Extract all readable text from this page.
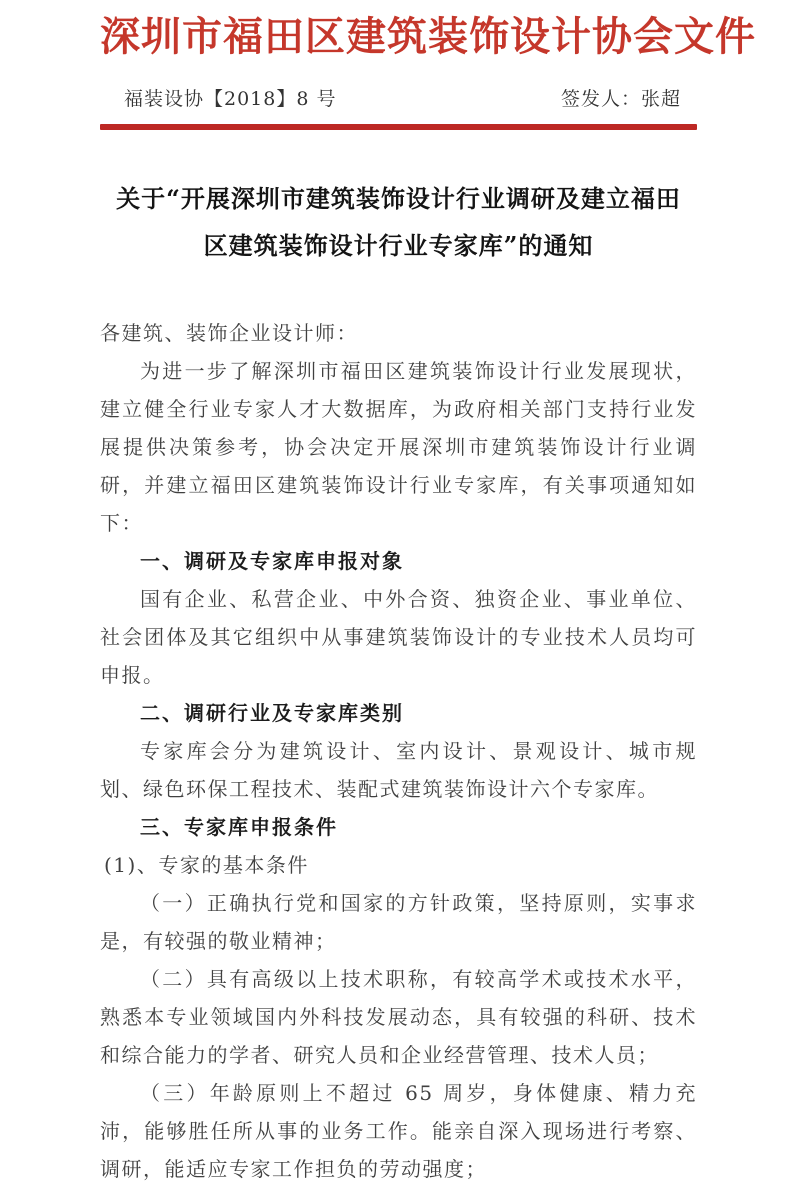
深圳市福田区建筑装饰设计协会文件
福装设协【2018】8 号	签发人：张超
关于“开展深圳市建筑装饰设计行业调研及建立福田
区建筑装饰设计行业专家库”的通知

各建筑、装饰企业设计师：

为进一步了解深圳市福田区建筑装饰设计行业发展现状，建立健全行业专家人才大数据库，为政府相关部门支持行业发展提供决策参考，协会决定开展深圳市建筑装饰设计行业调研，并建立福田区建筑装饰设计行业专家库，有关事项通知如下：

一、调研及专家库申报对象

国有企业、私营企业、中外合资、独资企业、事业单位、社会团体及其它组织中从事建筑装饰设计的专业技术人员均可申报。

二、调研行业及专家库类别

专家库会分为建筑设计、室内设计、景观设计、城市规划、绿色环保工程技术、装配式建筑装饰设计六个专家库。

三、专家库申报条件

(1)、专家的基本条件

（一）正确执行党和国家的方针政策，坚持原则，实事求是，有较强的敬业精神；

（二）具有高级以上技术职称，有较高学术或技术水平，熟悉本专业领域国内外科技发展动态，具有较强的科研、技术和综合能力的学者、研究人员和企业经营管理、技术人员；

（三）年龄原则上不超过 65 周岁，身体健康、精力充沛，能够胜任所从事的业务工作。能亲自深入现场进行考察、调研，能适应专家工作担负的劳动强度；
